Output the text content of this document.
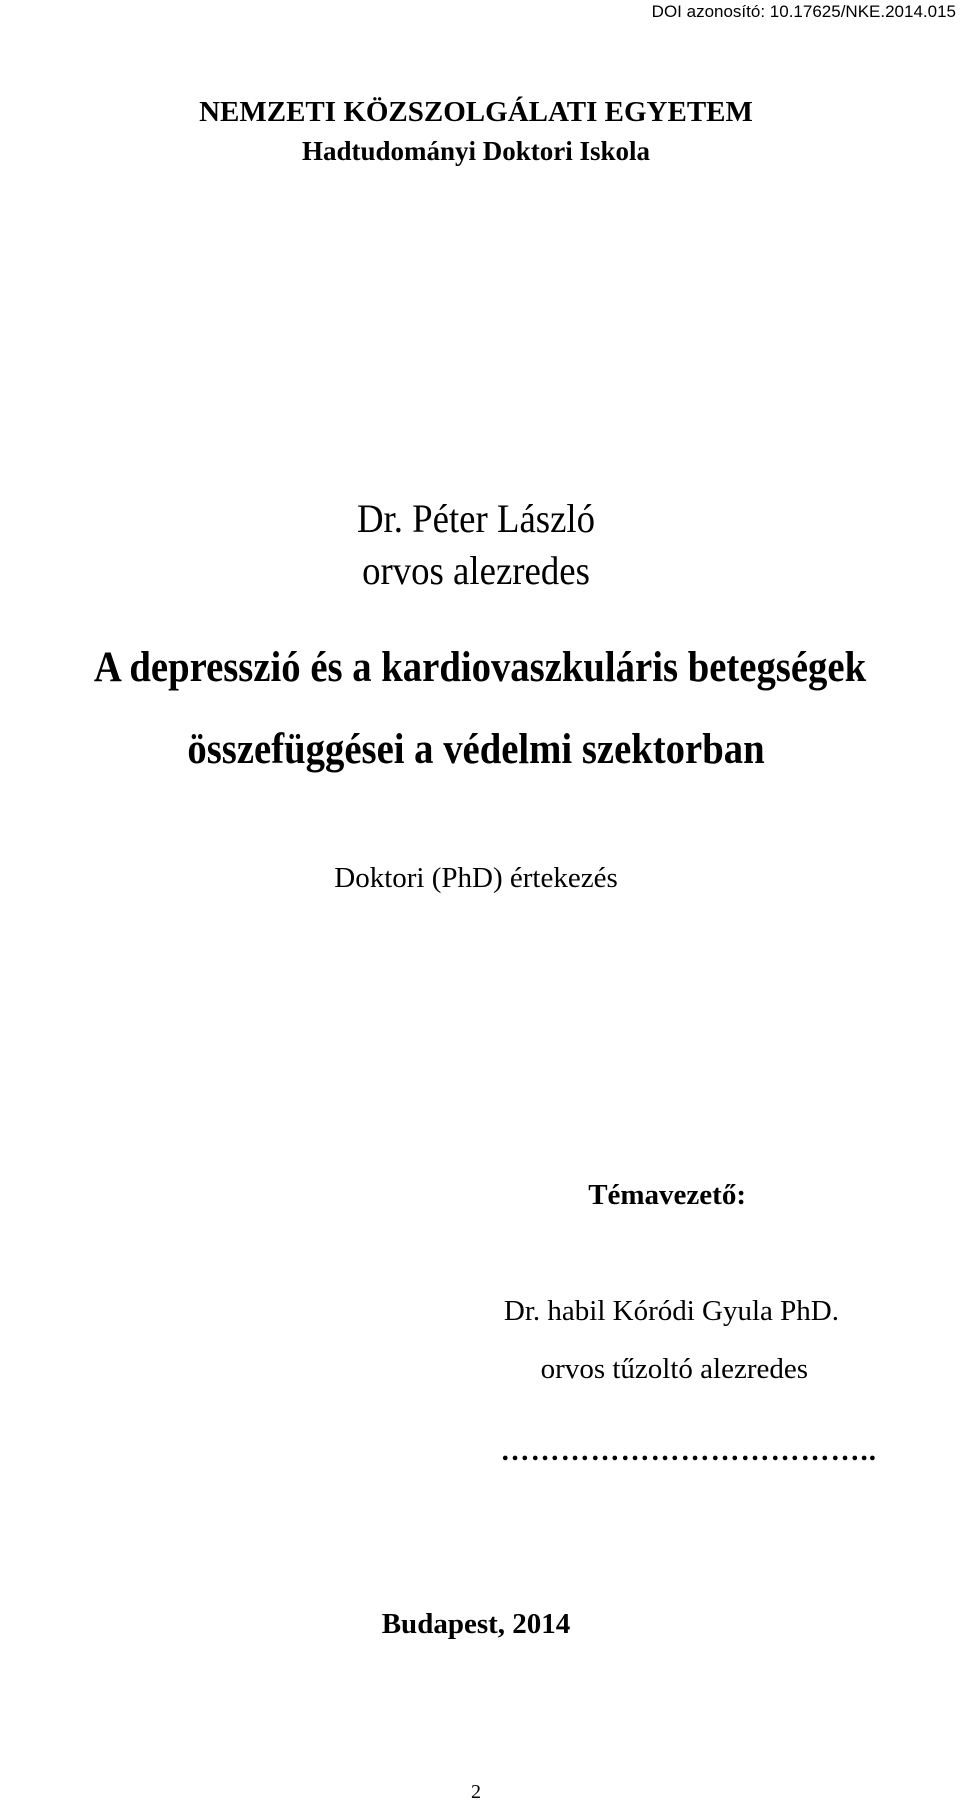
DOI azonosító: 10.17625/NKE.2014.015
NEMZETI KÖZSZOLGÁLATI EGYETEM
Hadtudományi Doktori Iskola
Dr. Péter László
orvos alezredes
A depresszió és a kardiovaszkuláris betegségek
összefüggései a védelmi szektorban
Doktori (PhD) értekezés
Témavezető:
Dr. habil Kóródi Gyula PhD.
orvos tűzoltó alezredes
………………………………..
Budapest, 2014
2
